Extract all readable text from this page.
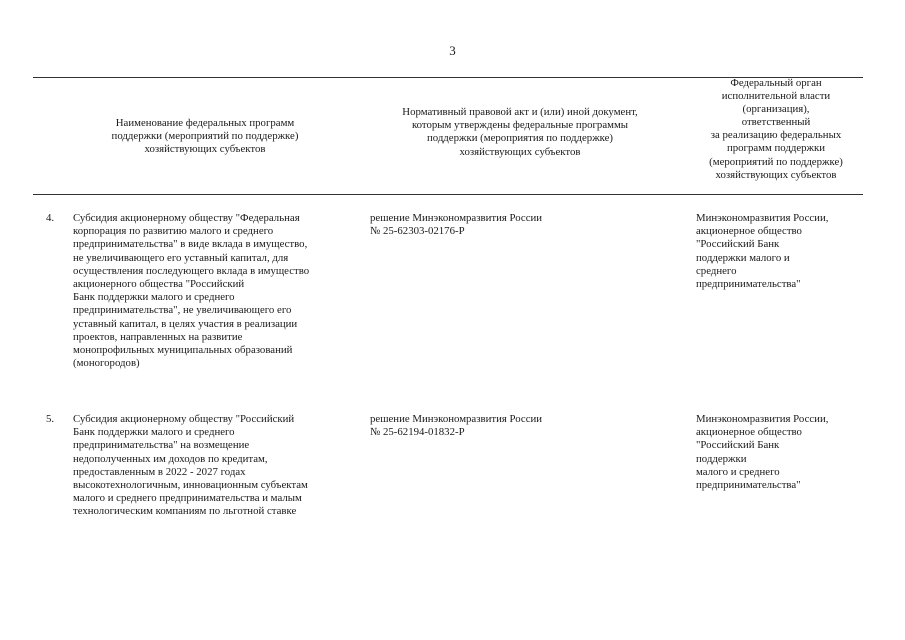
3
Наименование федеральных программ
поддержки (мероприятий по поддержке)
хозяйствующих субъектов
Нормативный правовой акт и (или) иной документ,
которым утверждены федеральные программы
поддержки (мероприятия по поддержке)
хозяйствующих субъектов
Федеральный орган
исполнительной власти
(организация),
ответственный
за реализацию федеральных
программ поддержки
(мероприятий по поддержке)
хозяйствующих субъектов
4. Субсидия акционерному обществу "Федеральная
корпорация по развитию малого и среднего
предпринимательства" в виде вклада в имущество,
не увеличивающего его уставный капитал, для
осуществления последующего вклада в имущество
акционерного общества "Российский
Банк поддержки малого и среднего
предпринимательства", не увеличивающего его
уставный капитал, в целях участия в реализации
проектов, направленных на развитие
монопрофильных муниципальных образований
(моногородов)
решение Минэкономразвития России
№ 25-62303-02176-Р
Минэкономразвития России,
акционерное общество
"Российский Банк
поддержки малого и
среднего
предпринимательства"
5. Субсидия акционерному обществу "Российский
Банк поддержки малого и среднего
предпринимательства" на возмещение
недополученных им доходов по кредитам,
предоставленным в 2022 - 2027 годах
высокотехнологичным, инновационным субъектам
малого и среднего предпринимательства и малым
технологическим компаниям по льготной ставке
решение Минэкономразвития России
№ 25-62194-01832-Р
Минэкономразвития России,
акционерное общество
"Российский Банк
поддержки
малого и среднего
предпринимательства"
